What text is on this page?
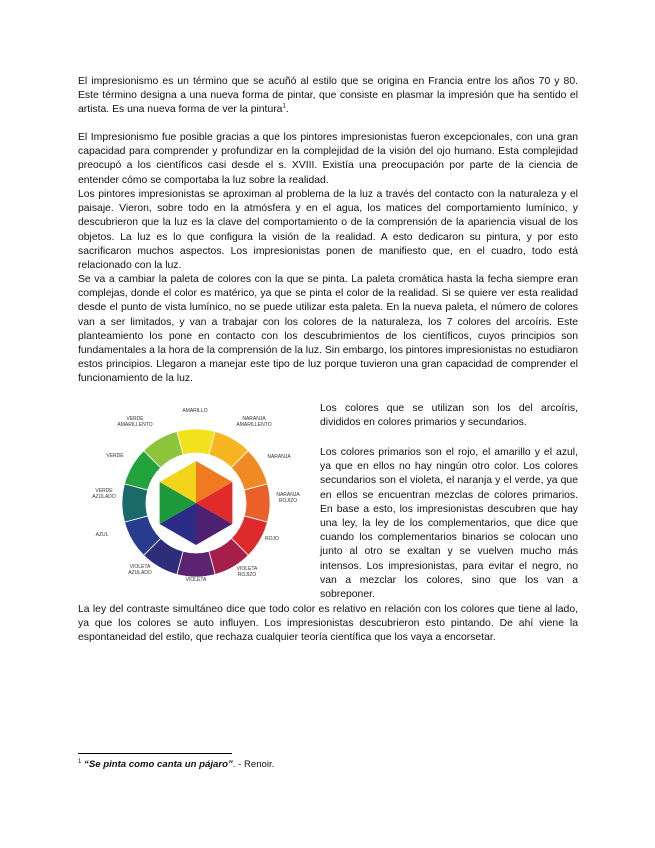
El impresionismo es un término que se acuñó al estilo que se origina en Francia entre los años 70 y 80. Este término designa a una nueva forma de pintar, que consiste en plasmar la impresión que ha sentido el artista. Es una nueva forma de ver la pintura$^1$.

El Impresionismo fue posible gracias a que los pintores impresionistas fueron excepcionales, con una gran capacidad para comprender y profundizar en la complejidad de la visión del ojo humano. Esta complejidad preocupó a los científicos casi desde el s. XVIII. Existía una preocupación por parte de la ciencia de entender cómo se comportaba la luz sobre la realidad.

Los pintores impresionistas se aproximan al problema de la luz a través del contacto con la naturaleza y el paisaje. Vieron, sobre todo en la atmósfera y en el agua, los matices del comportamiento lumínico, y descubrieron que la luz es la clave del comportamiento o de la comprensión de la apariencia visual de los objetos. La luz es lo que configura la visión de la realidad. A esto dedicaron su pintura, y por esto sacrificaron muchos aspectos. Los impresionistas ponen de manifiesto que, en el cuadro, todo está relacionado con la luz.

Se va a cambiar la paleta de colores con la que se pinta. La paleta cromática hasta la fecha siempre eran complejas, donde el color es matérico, ya que se pinta el color de la realidad. Si se quiere ver esta realidad desde el punto de vista lumínico, no se puede utilizar esta paleta. En la nueva paleta, el número de colores van a ser limitados, y van a trabajar con los colores de la naturaleza, los 7 colores del arcoíris. Este planteamiento los pone en contacto con los descubrimientos de los científicos, cuyos principios son fundamentales a la hora de la comprensión de la luz. Sin embargo, los pintores impresionistas no estudiaron estos principios. Llegaron a manejar este tipo de luz porque tuvieron una gran capacidad de comprender el funcionamiento de la luz.

AMARILLO
NARANJA
AMARILLENTO
NARANJA
NARANJA
ROJIZO
ROJO
VIOLETA
ROJIZO
VIOLETA
VIOLETA
AZULADO
AZUL
VERDE
AZULADO
VERDE
VERDE
AMARILLENTO

Los colores que se utilizan son los del arcoíris, divididos en colores primarios y secundarios.

Los colores primarios son el rojo, el amarillo y el azul, ya que en ellos no hay ningún otro color. Los colores secundarios son el violeta, el naranja y el verde, ya que en ellos se encuentran mezclas de colores primarios. En base a esto, los impresionistas descubren que hay una ley, la ley de los complementarios, que dice que cuando los complementarios binarios se colocan uno junto al otro se exaltan y se vuelven mucho más intensos. Los impresionistas, para evitar el negro, no van a mezclar los colores, sino que los van a sobreponer.

La ley del contraste simultáneo dice que todo color es relativo en relación con los colores que tiene al lado, ya que los colores se auto influyen. Los impresionistas descubrieron esto pintando. De ahí viene la espontaneidad del estilo, que rechaza cualquier teoría científica que los vaya a encorsetar.

$^1$ “Se pinta como canta un pájaro”. - Renoir.
